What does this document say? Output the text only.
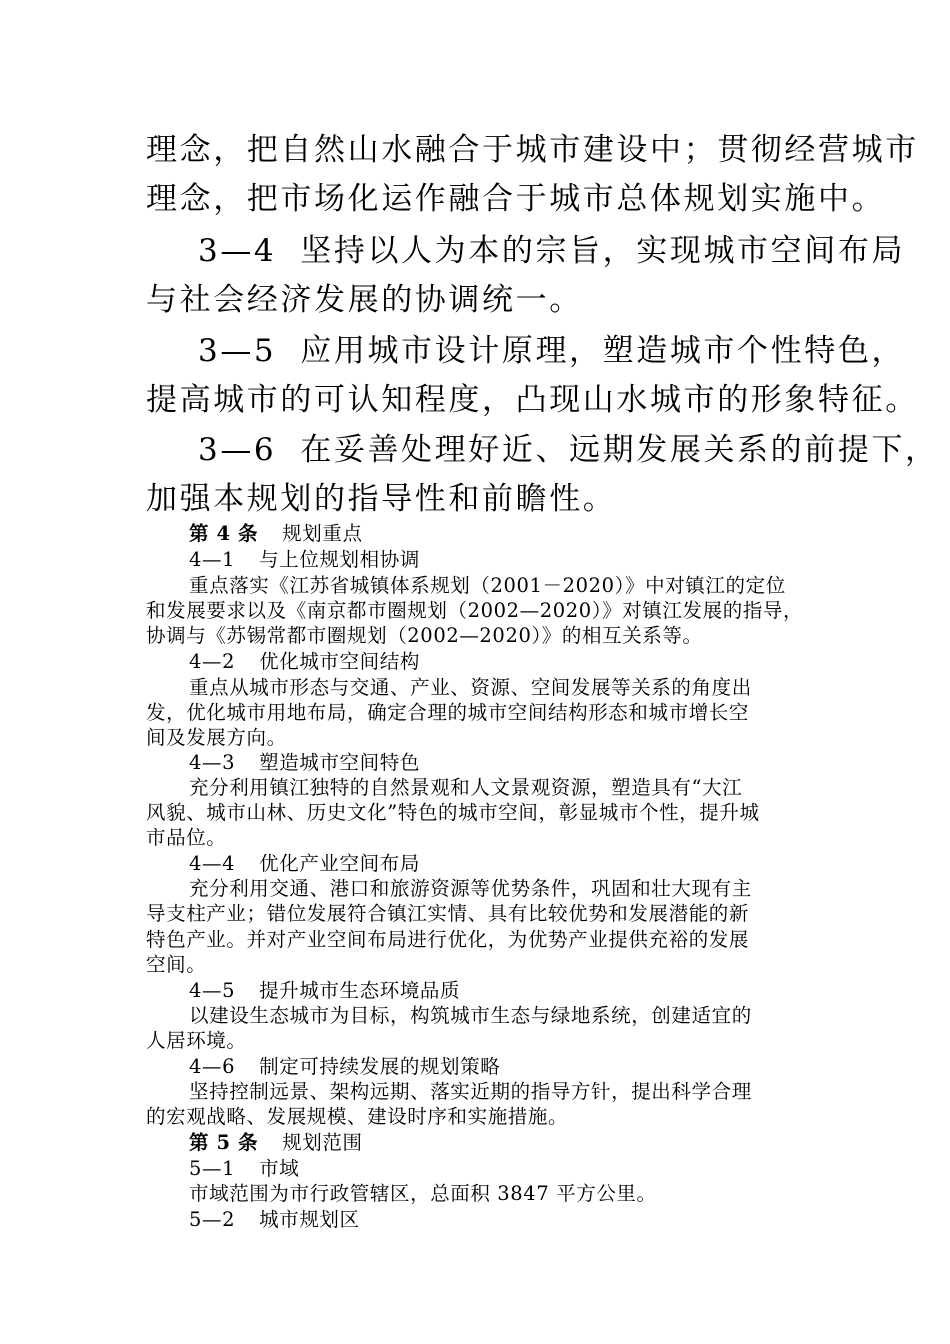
理念，把自然山水融合于城市建设中；贯彻经营城市
理念，把市场化运作融合于城市总体规划实施中。
3—4 坚持以人为本的宗旨，实现城市空间布局
与社会经济发展的协调统一。
3—5 应用城市设计原理，塑造城市个性特色，
提高城市的可认知程度，凸现山水城市的形象特征。
3—6 在妥善处理好近、远期发展关系的前提下，
加强本规划的指导性和前瞻性。
第 4 条 规划重点
4—1 与上位规划相协调
重点落实《江苏省城镇体系规划（2001－2020）》中对镇江的定位
和发展要求以及《南京都市圈规划（2002—2020）》对镇江发展的指导，
协调与《苏锡常都市圈规划（2002—2020）》的相互关系等。
4—2 优化城市空间结构
重点从城市形态与交通、产业、资源、空间发展等关系的角度出
发，优化城市用地布局，确定合理的城市空间结构形态和城市增长空
间及发展方向。
4—3 塑造城市空间特色
充分利用镇江独特的自然景观和人文景观资源，塑造具有“大江
风貌、城市山林、历史文化”特色的城市空间，彰显城市个性，提升城
市品位。
4—4 优化产业空间布局
充分利用交通、港口和旅游资源等优势条件，巩固和壮大现有主
导支柱产业；错位发展符合镇江实情、具有比较优势和发展潜能的新
特色产业。并对产业空间布局进行优化，为优势产业提供充裕的发展
空间。
4—5 提升城市生态环境品质
以建设生态城市为目标，构筑城市生态与绿地系统，创建适宜的
人居环境。
4—6 制定可持续发展的规划策略
坚持控制远景、架构远期、落实近期的指导方针，提出科学合理
的宏观战略、发展规模、建设时序和实施措施。
第 5 条 规划范围
5—1 市域
市域范围为市行政管辖区，总面积 3847 平方公里。
5—2 城市规划区
